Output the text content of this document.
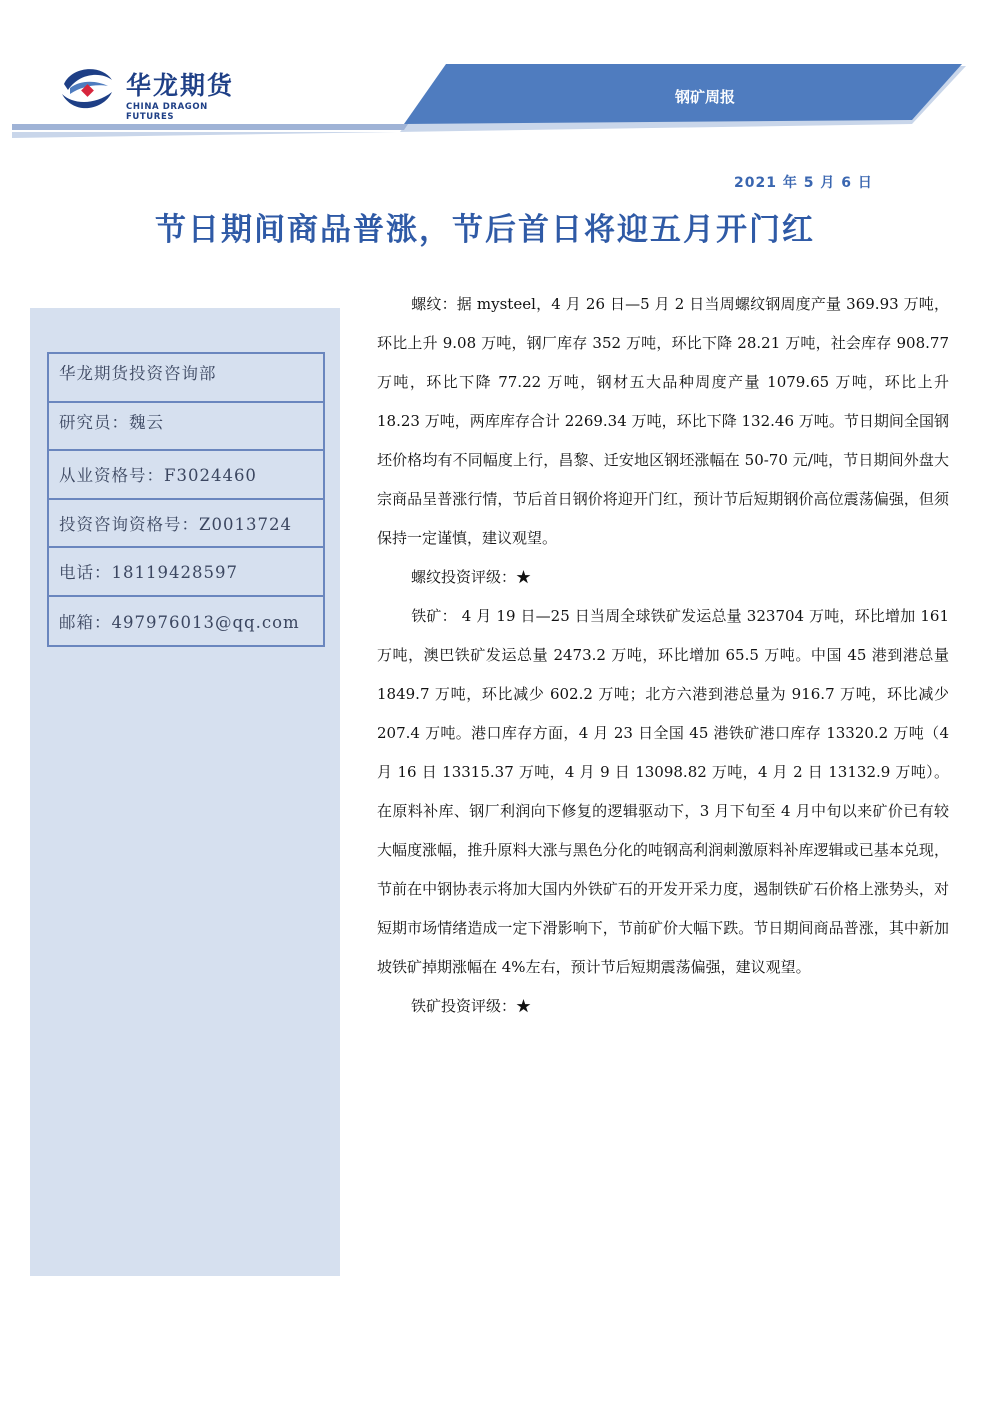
华龙期货
CHINA DRAGON FUTURES
钢矿周报
2021 年 5 月 6 日
节日期间商品普涨，节后首日将迎五月开门红
华龙期货投资咨询部
研究员：魏云
从业资格号：F3024460
投资咨询资格号：Z0013724
电话：18119428597
邮箱：497976013@qq.com

螺纹：据 mysteel，4 月 26 日—5 月 2 日当周螺纹钢周度产量 369.93 万吨，环比上升 9.08 万吨，钢厂库存 352 万吨，环比下降 28.21 万吨，社会库存 908.77 万吨，环比下降 77.22 万吨，钢材五大品种周度产量 1079.65 万吨，环比上升 18.23 万吨，两库库存合计 2269.34 万吨，环比下降 132.46 万吨。节日期间全国钢坯价格均有不同幅度上行，昌黎、迁安地区钢坯涨幅在 50-70 元/吨，节日期间外盘大宗商品呈普涨行情，节后首日钢价将迎开门红，预计节后短期钢价高位震荡偏强，但须保持一定谨慎，建议观望。

螺纹投资评级：★

铁矿： 4 月 19 日—25 日当周全球铁矿发运总量 323704 万吨，环比增加 161 万吨，澳巴铁矿发运总量 2473.2 万吨，环比增加 65.5 万吨。中国 45 港到港总量 1849.7 万吨，环比减少 602.2 万吨；北方六港到港总量为 916.7 万吨，环比减少 207.4 万吨。港口库存方面，4 月 23 日全国 45 港铁矿港口库存 13320.2 万吨（4 月 16 日 13315.37 万吨，4 月 9 日 13098.82 万吨，4 月 2 日 13132.9 万吨）。在原料补库、钢厂利润向下修复的逻辑驱动下，3 月下旬至 4 月中旬以来矿价已有较大幅度涨幅，推升原料大涨与黑色分化的吨钢高利润刺激原料补库逻辑或已基本兑现，节前在中钢协表示将加大国内外铁矿石的开发开采力度，遏制铁矿石价格上涨势头，对短期市场情绪造成一定下滑影响下，节前矿价大幅下跌。节日期间商品普涨，其中新加坡铁矿掉期涨幅在 4%左右，预计节后短期震荡偏强，建议观望。

铁矿投资评级：★
